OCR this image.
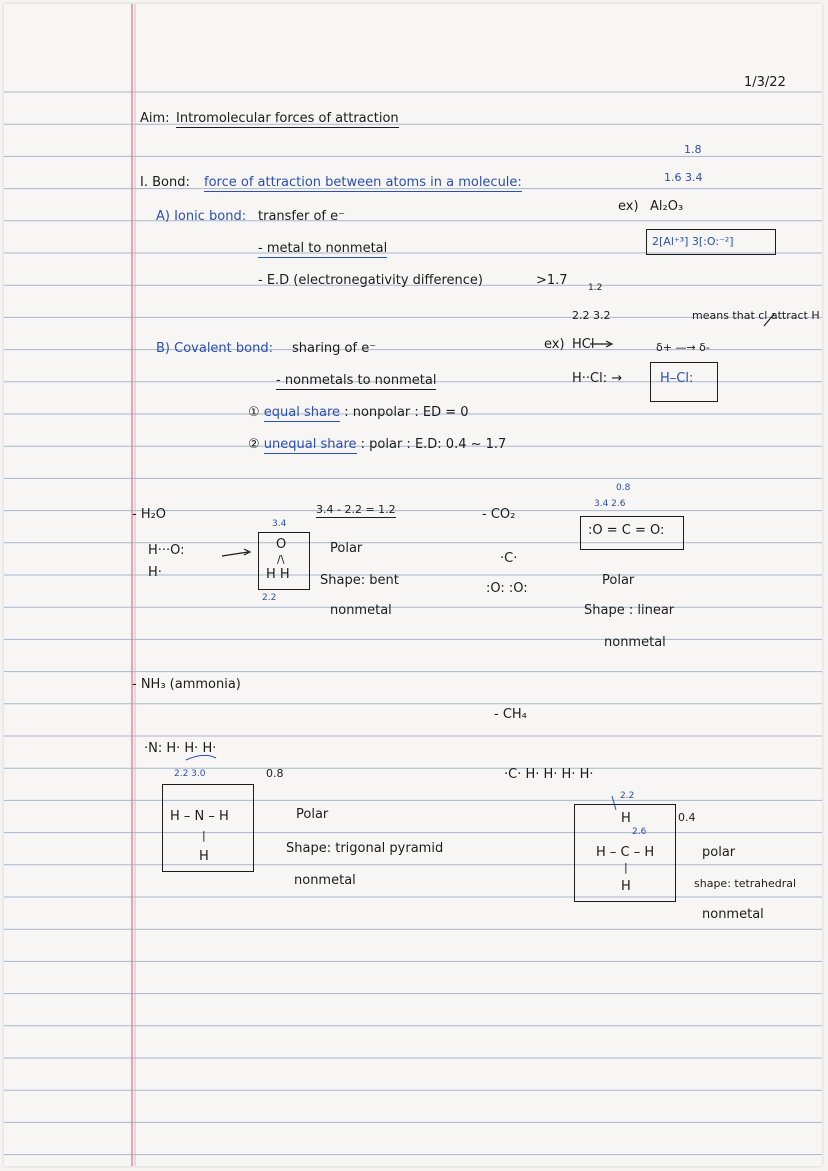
1/3/22
Aim: Intromolecular forces of attraction
I. Bond: force of attraction between atoms in a molecule:
1.8
1.6 3.4
ex) Al₂O₃
2[Al⁺³] 3[:O:⁻²]
A) Ionic bond: transfer of e⁻
- metal to nonmetal
- E.D (electronegativity difference)	>1.7
B) Covalent bond: sharing of e⁻
- nonmetals to nonmetal
① equal share : nonpolar : ED = 0
② unequal share : polar : E.D: 0.4 ~ 1.7
1.2
2.2 3.2	means that cl attract H
ex) HCl	δ+ —→ δ-
H··Cl: →	H–Cl:
- H₂O
H···O:
H·
3.4
O
/\
H H
2.2
3.4 - 2.2 = 1.2
Polar
Shape: bent
nonmetal
- CO₂
·C·
:O: :O:
0.8
3.4 2.6
:O = C = O:
Polar
Shape : linear
nonmetal
- NH₃ (ammonia)
·N: H· H· H·
2.2 3.0	0.8
H – N – H
|
H
Polar
Shape: trigonal pyramid
nonmetal
- CH₄
·C· H· H· H· H·
2.2
0.4
H
2.6
H – C – H
|
H
polar
shape: tetrahedral
nonmetal
